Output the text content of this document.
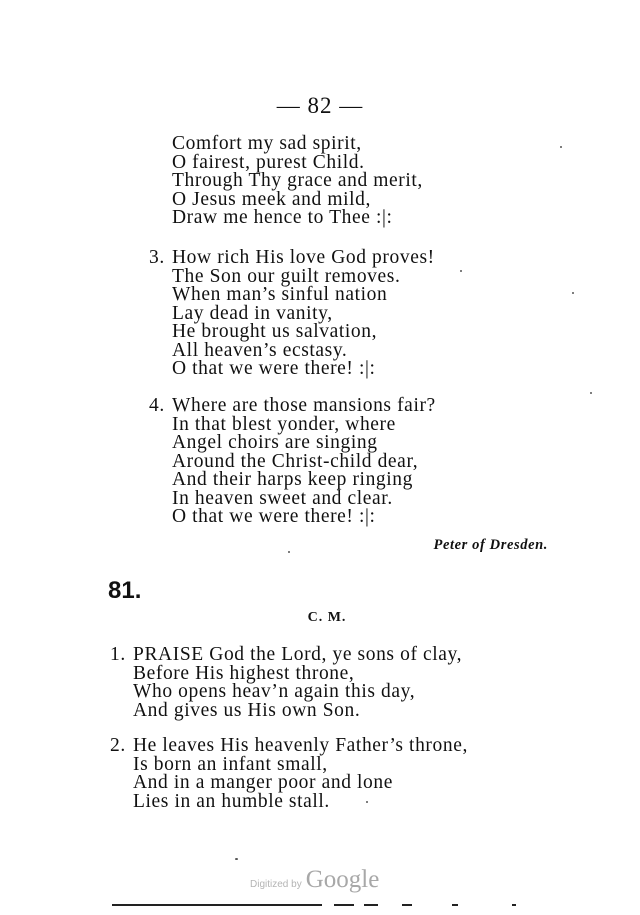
— 82 —
Comfort my sad spirit,
O fairest, purest Child.
Through Thy grace and merit,
O Jesus meek and mild,
Draw me hence to Thee :|:
3. How rich His love God proves!
The Son our guilt removes.
When man’s sinful nation
Lay dead in vanity,
He brought us salvation,
All heaven’s ecstasy.
O that we were there! :|:
4. Where are those mansions fair?
In that blest yonder, where
Angel choirs are singing
Around the Christ-child dear,
And their harps keep ringing
In heaven sweet and clear.
O that we were there! :|:
Peter of Dresden.
81.
C. M.
1. PRAISE God the Lord, ye sons of clay,
Before His highest throne,
Who opens heav’n again this day,
And gives us His own Son.
2. He leaves His heavenly Father’s throne,
Is born an infant small,
And in a manger poor and lone
Lies in an humble stall.
Digitized by Google
